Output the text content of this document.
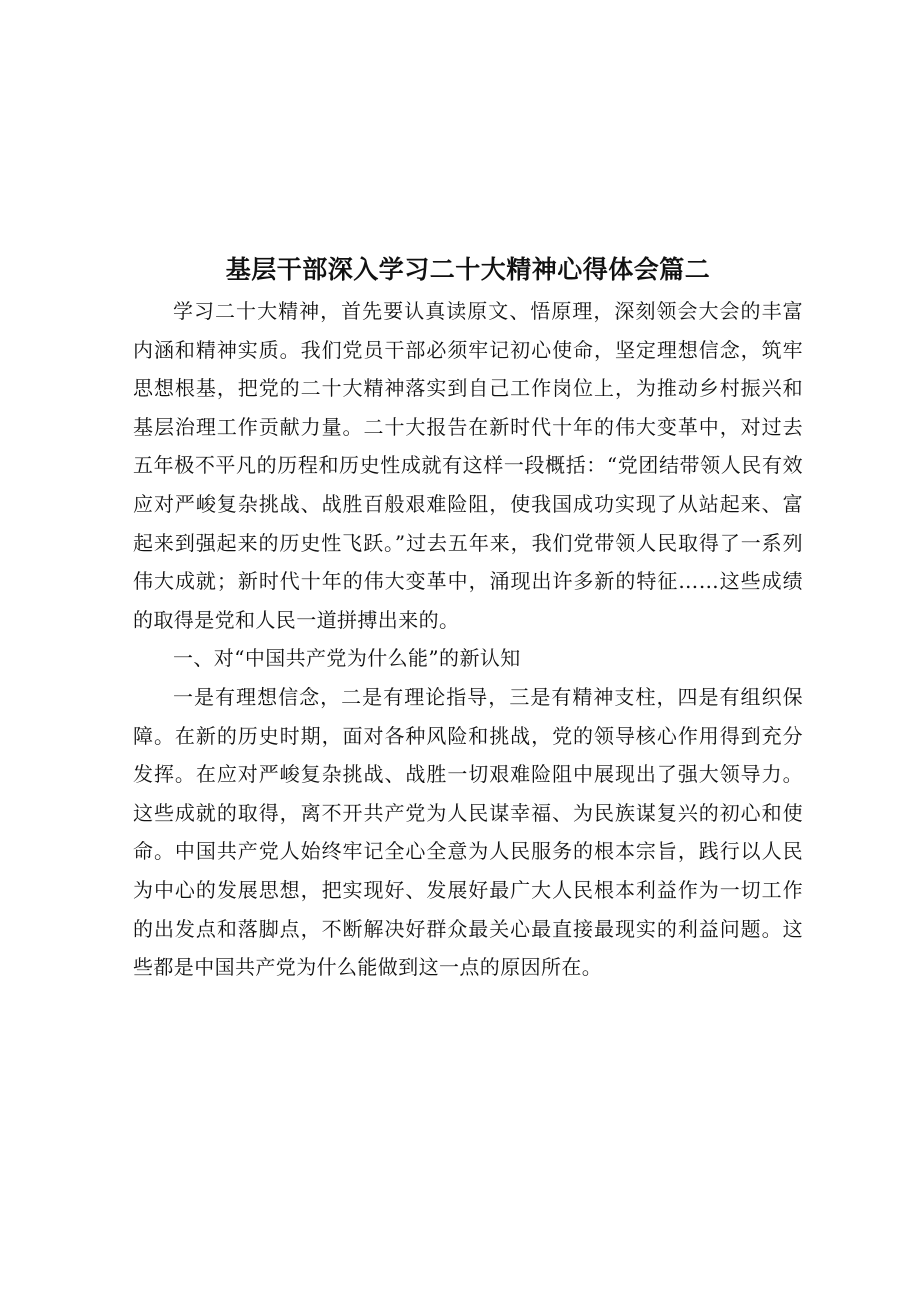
基层干部深入学习二十大精神心得体会篇二

学习二十大精神，首先要认真读原文、悟原理，深刻领会大会的丰富内涵和精神实质。我们党员干部必须牢记初心使命，坚定理想信念，筑牢思想根基，把党的二十大精神落实到自己工作岗位上，为推动乡村振兴和基层治理工作贡献力量。二十大报告在新时代十年的伟大变革中，对过去五年极不平凡的历程和历史性成就有这样一段概括：“党团结带领人民有效应对严峻复杂挑战、战胜百般艰难险阻，使我国成功实现了从站起来、富起来到强起来的历史性飞跃。”过去五年来，我们党带领人民取得了一系列伟大成就；新时代十年的伟大变革中，涌现出许多新的特征……这些成绩的取得是党和人民一道拼搏出来的。

一、对“中国共产党为什么能”的新认知

一是有理想信念，二是有理论指导，三是有精神支柱，四是有组织保障。在新的历史时期，面对各种风险和挑战，党的领导核心作用得到充分发挥。在应对严峻复杂挑战、战胜一切艰难险阻中展现出了强大领导力。这些成就的取得，离不开共产党为人民谋幸福、为民族谋复兴的初心和使命。中国共产党人始终牢记全心全意为人民服务的根本宗旨，践行以人民为中心的发展思想，把实现好、发展好最广大人民根本利益作为一切工作的出发点和落脚点，不断解决好群众最关心最直接最现实的利益问题。这些都是中国共产党为什么能做到这一点的原因所在。
